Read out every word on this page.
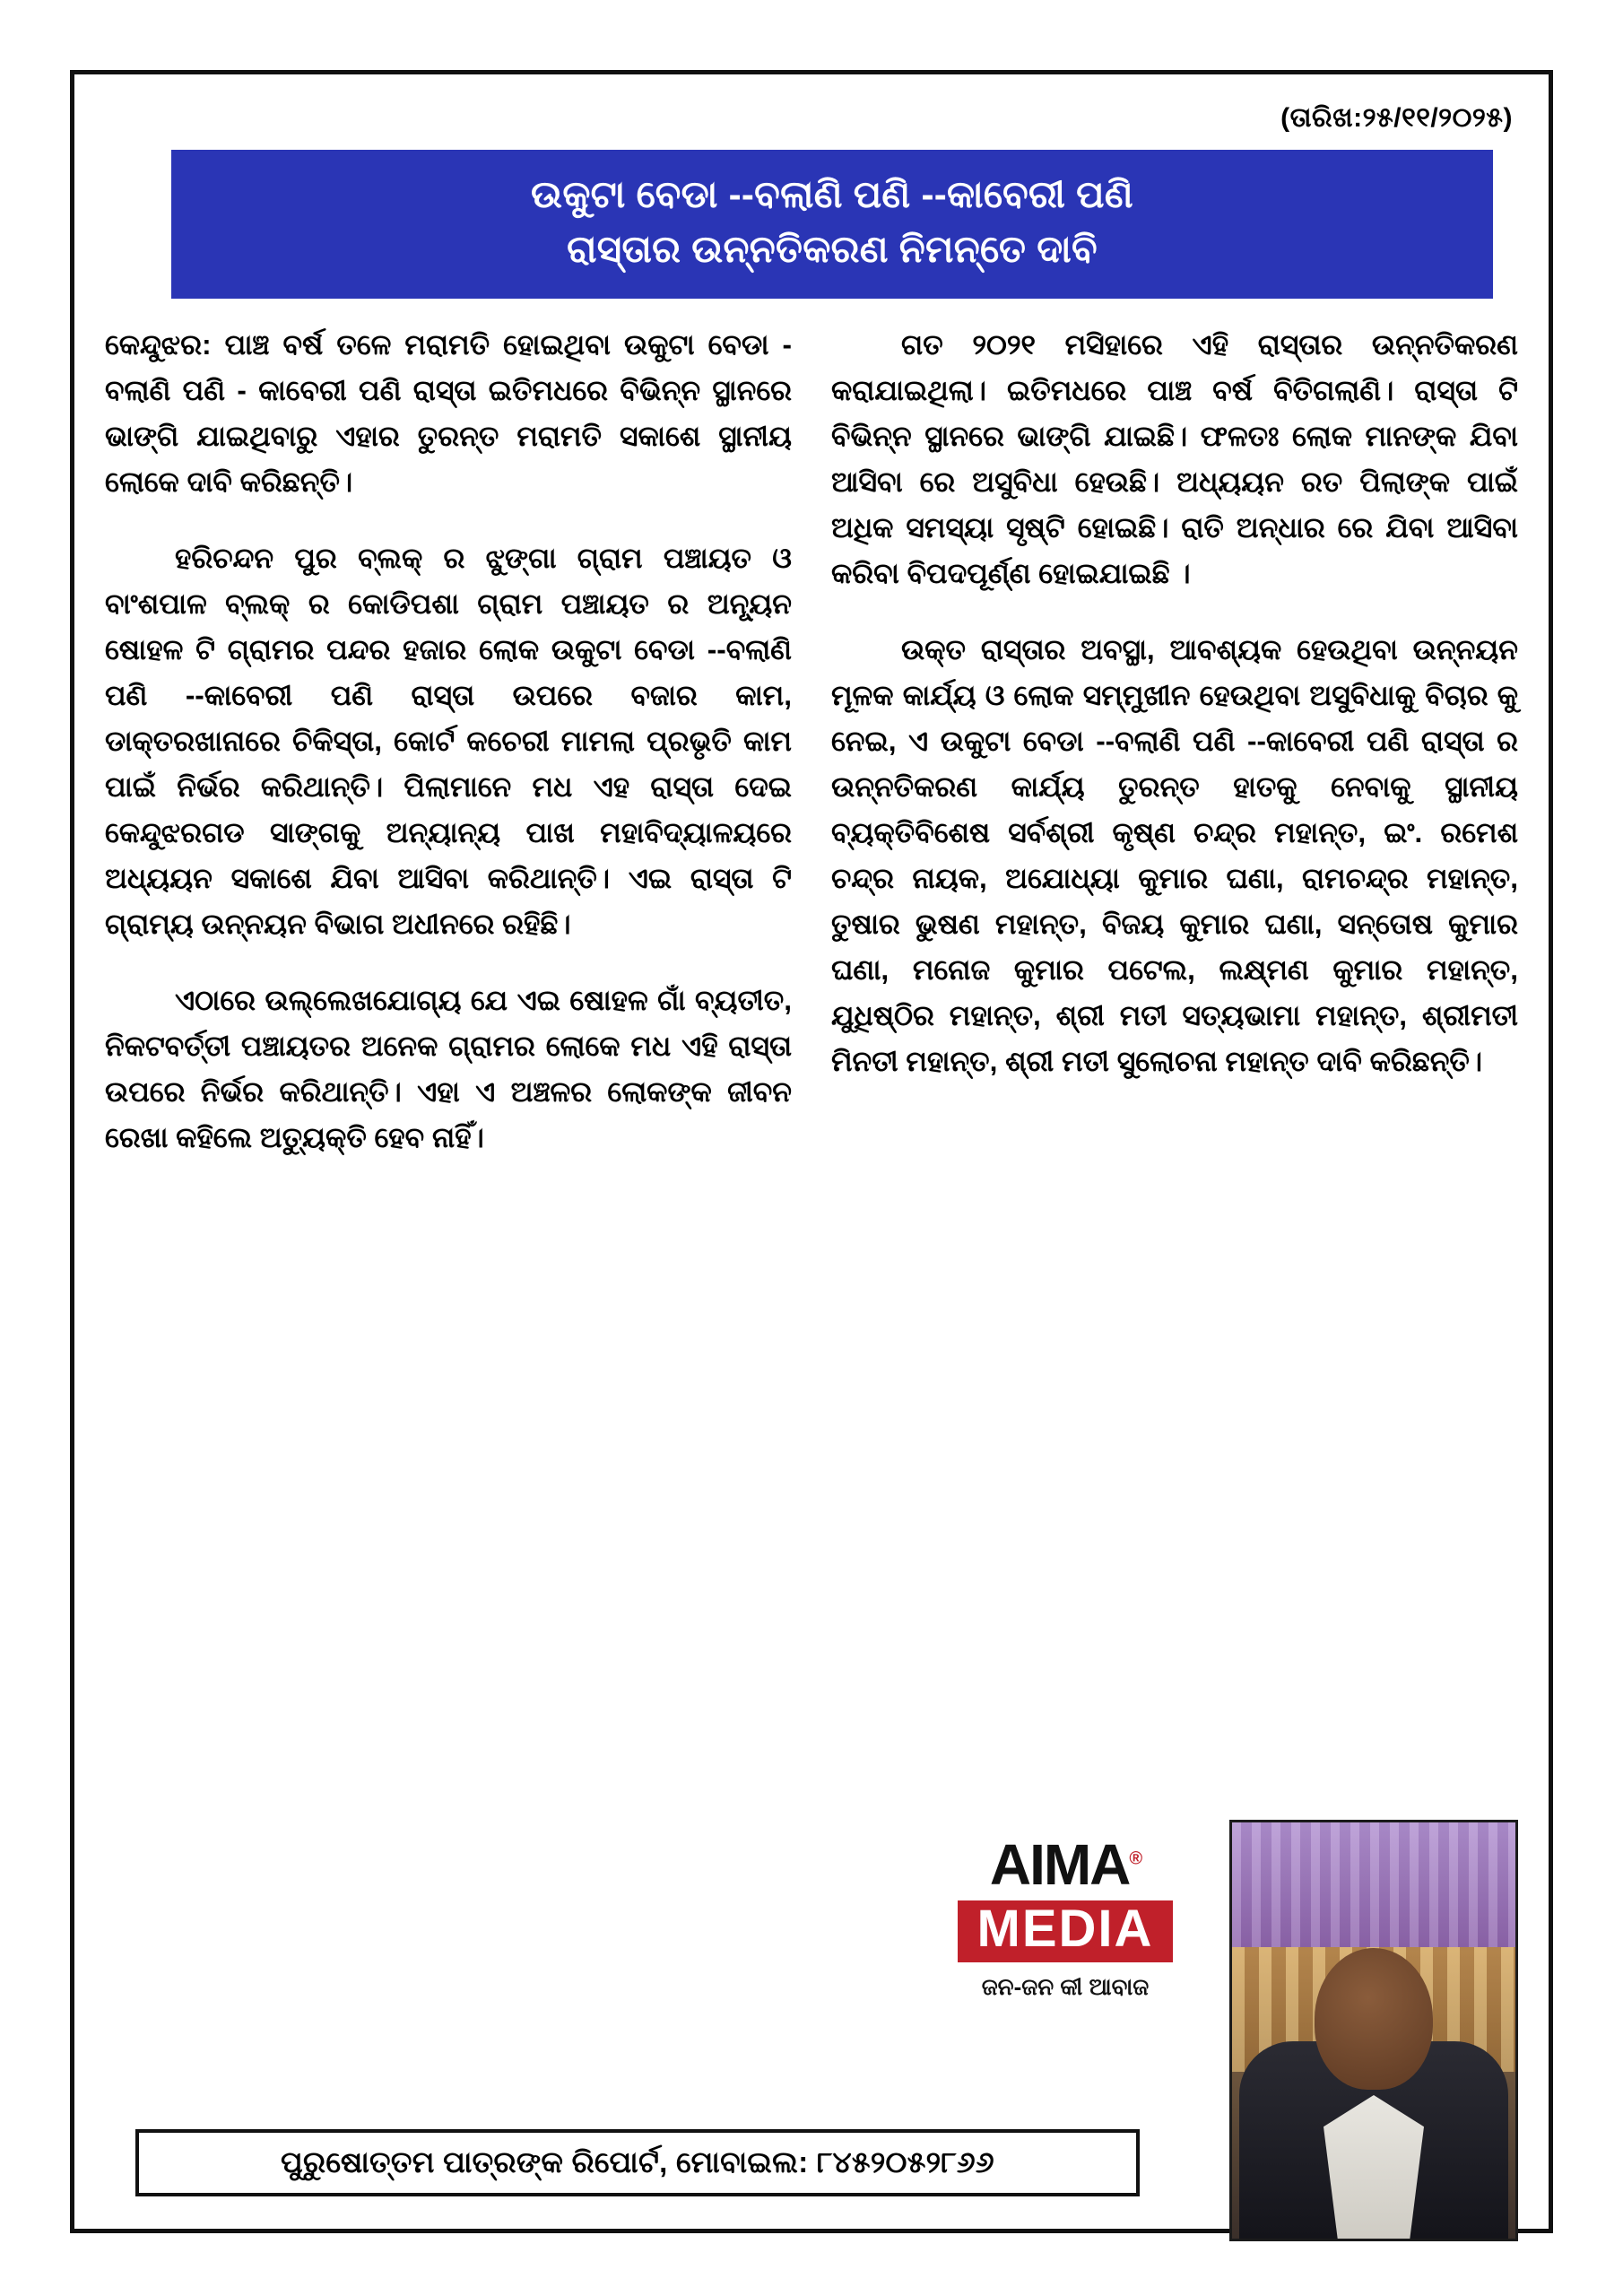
(ତାରିଖ:୨୫/୧୧/୨୦୨୫)
ଉକୁଟା ବେଡା --ବଲାଣି ପଣି --କାବେରୀ ପଣି
ରାସ୍ତାର ଉନ୍ନତିକରଣ ନିମନ୍ତେ ଦାବି

କେନ୍ଦୁଝର: ପାଞ୍ଚ ବର୍ଷ ତଳେ ମରାମତି ହୋଇଥିବା ଉକୁଟା ବେଡା - ବଲାଣି ପଣି - କାବେରୀ ପଣି ରାସ୍ତା ଇତିମଧରେ ବିଭିନ୍ନ ସ୍ଥାନରେ ଭାଙ୍ଗି ଯାଇଥିବାରୁ ଏହାର ତୁରନ୍ତ ମରାମତି ସକାଶେ ସ୍ଥାନୀୟ ଲୋକେ ଦାବି କରିଛନ୍ତି।

ହରିଚନ୍ଦନ ପୁର ବ୍ଲକ୍ ର ଝୁଙ୍ଗା ଗ୍ରାମ ପଞ୍ଚାୟତ ଓ ବାଂଶପାଳ ବ୍ଲକ୍ ର କୋଡିପଶା ଗ୍ରାମ ପଞ୍ଚାୟତ ର ଅନ୍ୟୂନ ଷୋହଳ ଟି ଗ୍ରାମର ପନ୍ଦର ହଜାର ଲୋକ ଉକୁଟା ବେଡା --ବଲାଣି ପଣି --କାବେରୀ ପଣି ରାସ୍ତା ଉପରେ ବଜାର କାମ, ଡାକ୍ତରଖାନାରେ ଚିକିସ୍ତା, କୋର୍ଟ କଚେରୀ ମାମଲା ପ୍ରଭୃତି କାମ ପାଇଁ ନିର୍ଭର କରିଥାନ୍ତି। ପିଲାମାନେ ମଧ ଏହ ରାସ୍ତା ଦେଇ କେନ୍ଦୁଝରଗଡ ସାଙ୍ଗକୁ ଅନ୍ୟାନ୍ୟ ପାଖ ମହାବିଦ୍ୟାଳୟରେ ଅଧ୍ୟୟନ ସକାଶେ ଯିବା ଆସିବା କରିଥାନ୍ତି। ଏଇ ରାସ୍ତା ଟି ଗ୍ରାମ୍ୟ ଉନ୍ନୟନ ବିଭାଗ ଅଧୀନରେ ରହିଛି।

ଏଠାରେ ଉଲ୍ଲେଖଯୋଗ୍ୟ ଯେ ଏଇ ଷୋହଳ ଗାଁ ବ୍ୟତୀତ, ନିକଟବର୍ତ୍ତୀ ପଞ୍ଚାୟତର ଅନେକ ଗ୍ରାମର ଲୋକେ ମଧ ଏହି ରାସ୍ତା ଉପରେ ନିର୍ଭର କରିଥାନ୍ତି। ଏହା ଏ ଅଞ୍ଚଳର ଲୋକଙ୍କ ଜୀବନ ରେଖା କହିଲେ ଅତ୍ୟୁକ୍ତି ହେବ ନାହିଁ।

ଗତ ୨୦୨୧ ମସିହାରେ ଏହି ରାସ୍ତାର ଉନ୍ନତିକରଣ କରାଯାଇଥିଲା। ଇତିମଧରେ ପାଞ୍ଚ ବର୍ଷ ବିତିଗଲାଣି। ରାସ୍ତା ଟି ବିଭିନ୍ନ ସ୍ଥାନରେ ଭାଙ୍ଗି ଯାଇଛି। ଫଳତଃ ଲୋକ ମାନଙ୍କ ଯିବା ଆସିବା ରେ ଅସୁବିଧା ହେଉଛି। ଅଧ୍ୟୟନ ରତ ପିଲାଙ୍କ ପାଇଁ ଅଧିକ ସମସ୍ୟା ସୃଷ୍ଟି ହୋଇଛି। ରାତି ଅନ୍ଧାର ରେ ଯିବା ଆସିବା କରିବା ବିପଦପୂର୍ଣ୍ଣ ହୋଇଯାଇଛି ।

ଉକ୍ତ ରାସ୍ତାର ଅବସ୍ଥା, ଆବଶ୍ୟକ ହେଉଥିବା ଉନ୍ନୟନ ମୂଳକ କାର୍ଯ୍ୟ ଓ ଲୋକ ସମ୍ମୁଖୀନ ହେଉଥିବା ଅସୁବିଧାକୁ ବିଚାର କୁ ନେଇ, ଏ ଉକୁଟା ବେଡା --ବଲାଣି ପଣି --କାବେରୀ ପଣି ରାସ୍ତା ର ଉନ୍ନତିକରଣ କାର୍ଯ୍ୟ ତୁରନ୍ତ ହାତକୁ ନେବାକୁ ସ୍ଥାନୀୟ ବ୍ୟକ୍ତିବିଶେଷ ସର୍ବଶ୍ରୀ କୃଷ୍ଣ ଚନ୍ଦ୍ର ମହାନ୍ତ, ଇଂ. ରମେଶ ଚନ୍ଦ୍ର ନାୟକ, ଅଯୋଧ୍ୟା କୁମାର ଘଣା, ରାମଚନ୍ଦ୍ର ମହାନ୍ତ, ତୁଷାର ଭୁଷଣ ମହାନ୍ତ, ବିଜୟ କୁମାର ଘଣା, ସନ୍ତୋଷ କୁମାର ଘଣା, ମନୋଜ କୁମାର ପଟେଲ, ଲକ୍ଷ୍ମଣ କୁମାର ମହାନ୍ତ, ଯୁଧିଷ୍ଠିର ମହାନ୍ତ, ଶ୍ରୀ ମତୀ ସତ୍ୟଭାମା ମହାନ୍ତ, ଶ୍ରୀମତୀ ମିନତୀ ମହାନ୍ତ, ଶ୍ରୀ ମତୀ ସୁଲୋଚନା ମହାନ୍ତ ଦାବି କରିଛନ୍ତି।

AIMA®
MEDIA
ଜନ-ଜନ କୀ ଆବାଜ
ପୁରୁଷୋତ୍ତମ ପାତ୍ରଙ୍କ ରିପୋର୍ଟ, ମୋବାଇଲ: ୮୪୫୨୦୫୨୮୬୬
